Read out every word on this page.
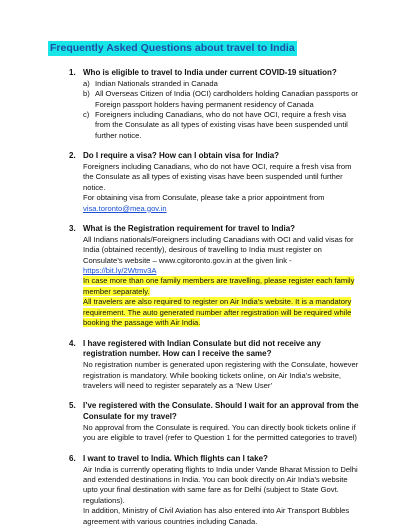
Frequently Asked Questions about travel to India
1. Who is eligible to travel to India under current COVID-19 situation?
a) Indian Nationals stranded in Canada
b) All Overseas Citizen of India (OCI) cardholders holding Canadian passports or Foreign passport holders having permanent residency of Canada
c) Foreigners including Canadians, who do not have OCI, require a fresh visa from the Consulate as all types of existing visas have been suspended until further notice.
2. Do I require a visa? How can I obtain visa for India?

Foreigners including Canadians, who do not have OCI, require a fresh visa from the Consulate as all types of existing visas have been suspended until further notice.

For obtaining visa from Consulate, please take a prior appointment from
visa.toronto@mea.gov.in

3. What is the Registration requirement for travel to India?

All Indians nationals/Foreigners including Canadians with OCI and valid visas for India (obtained recently), desirous of travelling to India must register on Consulate’s website – www.cgitoronto.gov.in at the given link - https://bit.ly/2Wtmv3A
In case more than one family members are travelling, please register each family member separately.

All travelers are also required to register on Air India’s website. It is a mandatory requirement. The auto generated number after registration will be required while booking the passage with Air India.

4. I have registered with Indian Consulate but did not receive any registration number. How can I receive the same?

No registration number is generated upon registering with the Consulate, however registration is mandatory. While booking tickets online, on Air India’s website, travelers will need to register separately as a ‘New User’

5. I’ve registered with the Consulate. Should I wait for an approval from the Consulate for my travel?

No approval from the Consulate is required. You can directly book tickets online if you are eligible to travel (refer to Question 1 for the permitted categories to travel)

6. I want to travel to India. Which flights can I take?

Air India is currently operating flights to India under Vande Bharat Mission to Delhi and extended destinations in India. You can book directly on Air India’s website upto your final destination with same fare as for Delhi (subject to State Govt. regulations).

In addition, Ministry of Civil Aviation has also entered into Air Transport Bubbles agreement with various countries including Canada.
